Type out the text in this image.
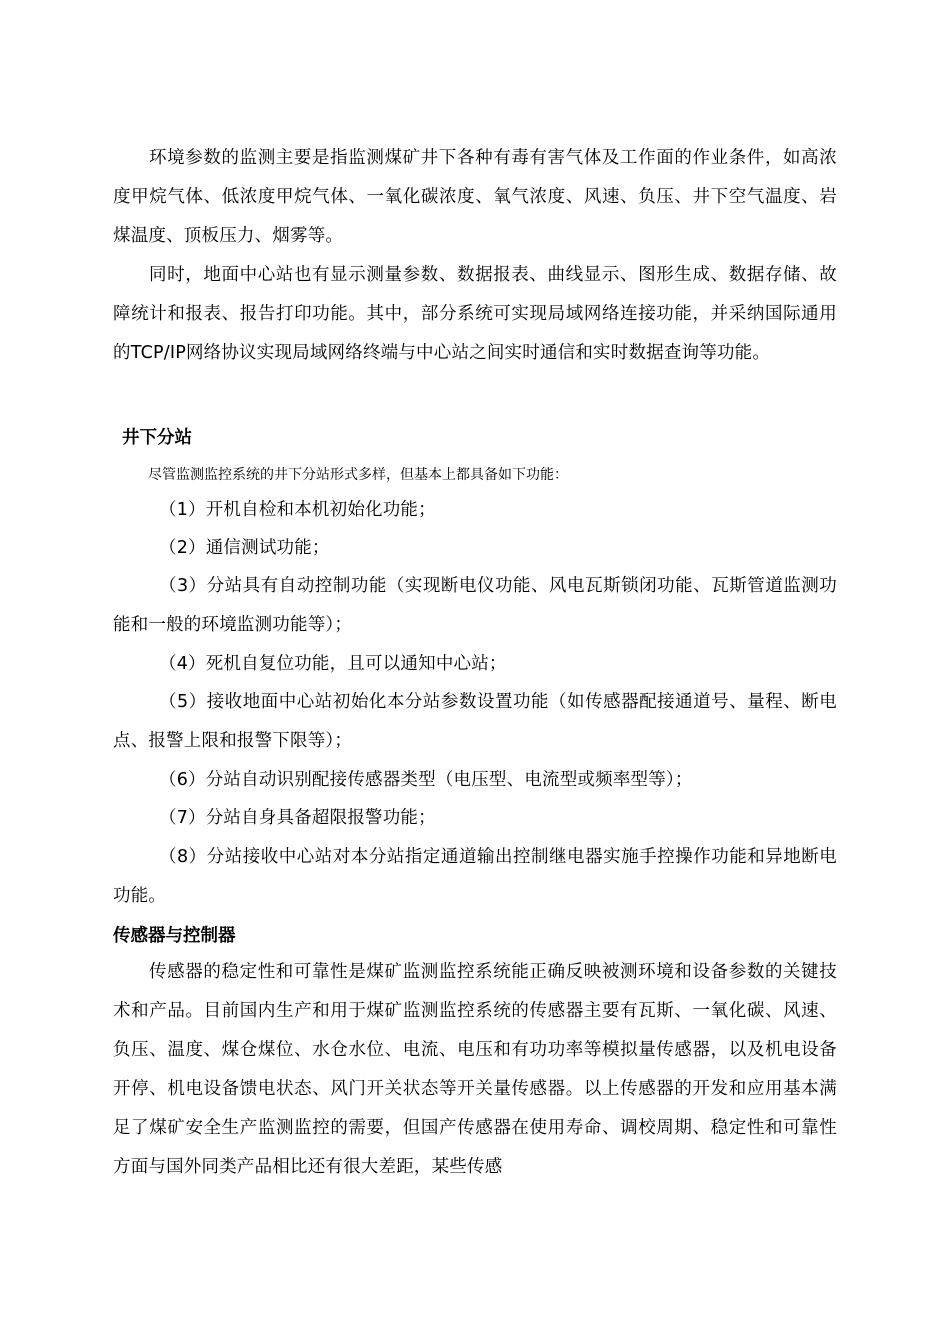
环境参数的监测主要是指监测煤矿井下各种有毒有害气体及工作面的作业条件，如高浓度甲烷气体、低浓度甲烷气体、一氧化碳浓度、氧气浓度、风速、负压、井下空气温度、岩煤温度、顶板压力、烟雾等。

同时，地面中心站也有显示测量参数、数据报表、曲线显示、图形生成、数据存储、故障统计和报表、报告打印功能。其中，部分系统可实现局域网络连接功能，并采纳国际通用的TCP/IP网络协议实现局域网络终端与中心站之间实时通信和实时数据查询等功能。

井下分站

尽管监测监控系统的井下分站形式多样，但基本上都具备如下功能：

（1）开机自检和本机初始化功能；

（2）通信测试功能；

（3）分站具有自动控制功能（实现断电仪功能、风电瓦斯锁闭功能、瓦斯管道监测功能和一般的环境监测功能等）；

（4）死机自复位功能，且可以通知中心站；

（5）接收地面中心站初始化本分站参数设置功能（如传感器配接通道号、量程、断电点、报警上限和报警下限等）；

（6）分站自动识别配接传感器类型（电压型、电流型或频率型等）；

（7）分站自身具备超限报警功能；

（8）分站接收中心站对本分站指定通道输出控制继电器实施手控操作功能和异地断电功能。

传感器与控制器

传感器的稳定性和可靠性是煤矿监测监控系统能正确反映被测环境和设备参数的关键技术和产品。目前国内生产和用于煤矿监测监控系统的传感器主要有瓦斯、一氧化碳、风速、负压、温度、煤仓煤位、水仓水位、电流、电压和有功功率等模拟量传感器，以及机电设备开停、机电设备馈电状态、风门开关状态等开关量传感器。以上传感器的开发和应用基本满足了煤矿安全生产监测监控的需要，但国产传感器在使用寿命、调校周期、稳定性和可靠性方面与国外同类产品相比还有很大差距，某些传感
